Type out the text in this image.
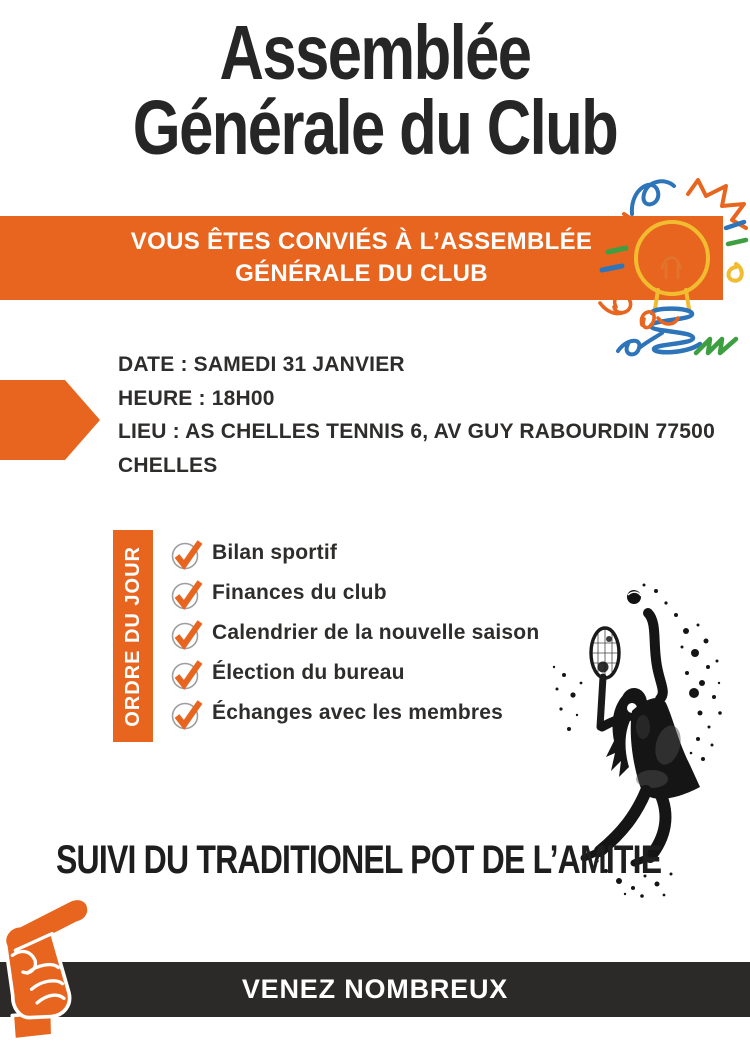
Assemblée
Générale du Club
VOUS ÊTES CONVIÉS À L’ASSEMBLÉE
GÉNÉRALE DU CLUB
DATE : SAMEDI 31 JANVIER
HEURE : 18H00
LIEU : AS CHELLES TENNIS 6, AV GUY RABOURDIN 77500
CHELLES
ORDRE DU JOUR	Bilan sportif
Finances du club
Calendrier de la nouvelle saison
Élection du bureau
Échanges avec les membres
SUIVI DU TRADITIONEL POT DE L’AMITIE
VENEZ NOMBREUX
